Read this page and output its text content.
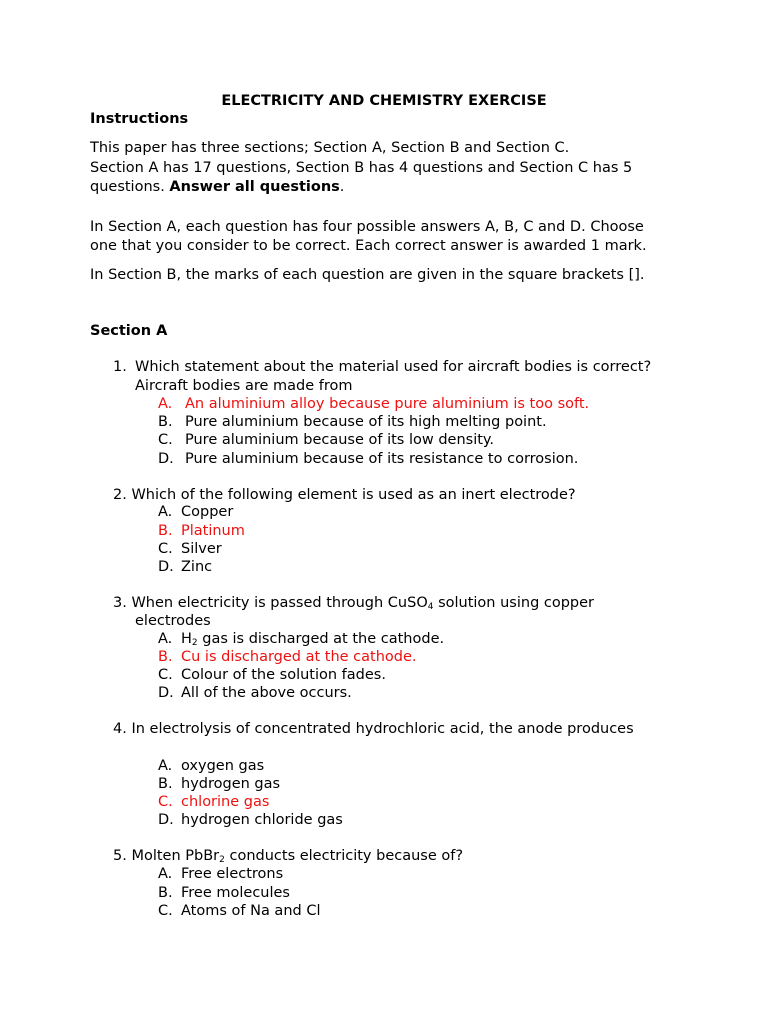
ELECTRICITY AND CHEMISTRY EXERCISE
Instructions
This paper has three sections; Section A, Section B and Section C.
Section A has 17 questions, Section B has 4 questions and Section C has 5
questions. Answer all questions.
In Section A, each question has four possible answers A, B, C and D. Choose
one that you consider to be correct. Each correct answer is awarded 1 mark.
In Section B, the marks of each question are given in the square brackets [].
Section A
1. Which statement about the material used for aircraft bodies is correct?
Aircraft bodies are made from
A. An aluminium alloy because pure aluminium is too soft.
B. Pure aluminium because of its high melting point.
C. Pure aluminium because of its low density.
D. Pure aluminium because of its resistance to corrosion.
2. Which of the following element is used as an inert electrode?
A. Copper
B. Platinum
C. Silver
D. Zinc
3. When electricity is passed through CuSO$_4$ solution using copper
electrodes
A. $H_2$ gas is discharged at the cathode.
B. Cu is discharged at the cathode.
C. Colour of the solution fades.
D. All of the above occurs.
4. In electrolysis of concentrated hydrochloric acid, the anode produces
A. oxygen gas
B. hydrogen gas
C. chlorine gas
D. hydrogen chloride gas
5. Molten PbBr$_2$ conducts electricity because of?
A. Free electrons
B. Free molecules
C. Atoms of Na and Cl
